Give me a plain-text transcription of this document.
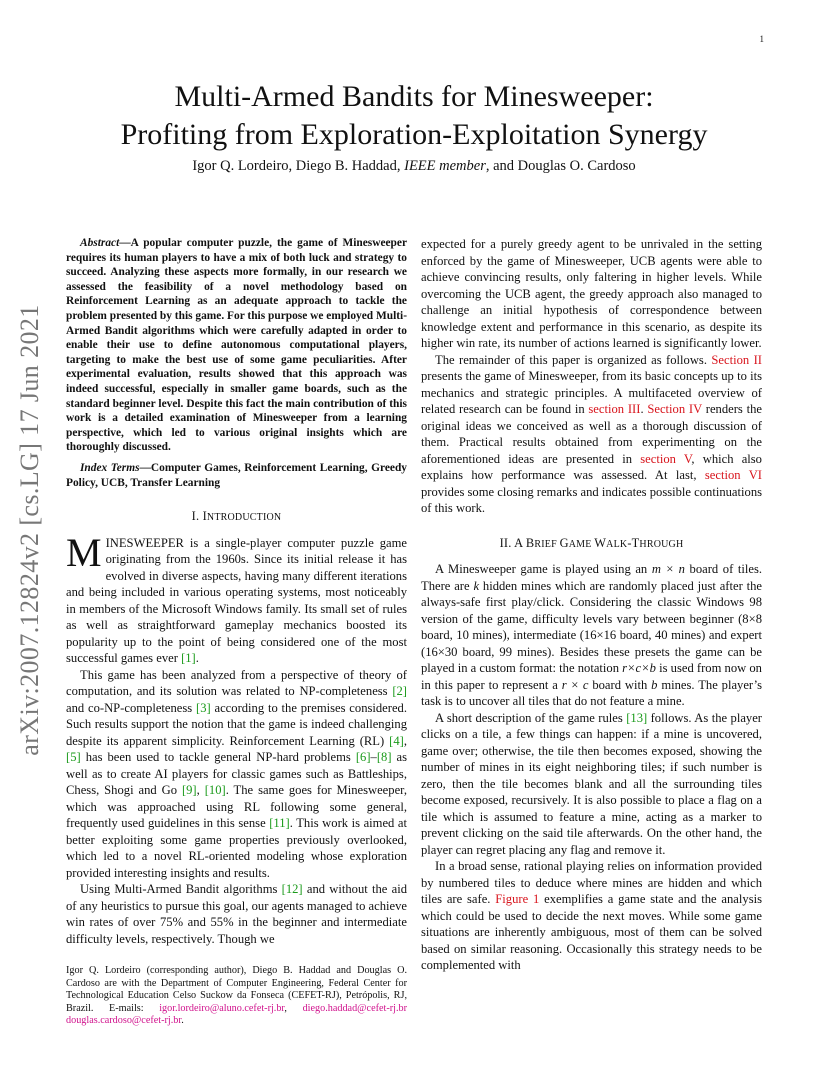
1
arXiv:2007.12824v2 [cs.LG] 17 Jun 2021
Multi-Armed Bandits for Minesweeper:
Profiting from Exploration-Exploitation Synergy
Igor Q. Lordeiro, Diego B. Haddad, IEEE member, and Douglas O. Cardoso

Abstract—A popular computer puzzle, the game of Minesweeper requires its human players to have a mix of both luck and strategy to succeed. Analyzing these aspects more formally, in our research we assessed the feasibility of a novel methodology based on Reinforcement Learning as an adequate approach to tackle the problem presented by this game. For this purpose we employed Multi-Armed Bandit algorithms which were carefully adapted in order to enable their use to define autonomous computational players, targeting to make the best use of some game peculiarities. After experimental evaluation, results showed that this approach was indeed successful, especially in smaller game boards, such as the standard beginner level. Despite this fact the main contribution of this work is a detailed examination of Minesweeper from a learning perspective, which led to various original insights which are thoroughly discussed.

Index Terms—Computer Games, Reinforcement Learning, Greedy Policy, UCB, Transfer Learning

I. INTRODUCTION

MINESWEEPER is a single-player computer puzzle game originating from the 1960s. Since its initial release it has evolved in diverse aspects, having many different iterations and being included in various operating systems, most noticeably in members of the Microsoft Windows family. Its small set of rules as well as straightforward gameplay mechanics boosted its popularity up to the point of being considered one of the most successful games ever [1].

This game has been analyzed from a perspective of theory of computation, and its solution was related to NP-completeness [2] and co-NP-completeness [3] according to the premises considered. Such results support the notion that the game is indeed challenging despite its apparent simplicity. Reinforcement Learning (RL) [4], [5] has been used to tackle general NP-hard problems [6]–[8] as well as to create AI players for classic games such as Battleships, Chess, Shogi and Go [9], [10]. The same goes for Minesweeper, which was approached using RL following some general, frequently used guidelines in this sense [11]. This work is aimed at better exploiting some game properties previously overlooked, which led to a novel RL-oriented modeling whose exploration provided interesting insights and results.

Using Multi-Armed Bandit algorithms [12] and without the aid of any heuristics to pursue this goal, our agents managed to achieve win rates of over 75% and 55% in the beginner and intermediate difficulty levels, respectively. Though we

Igor Q. Lordeiro (corresponding author), Diego B. Haddad and Douglas O. Cardoso are with the Department of Computer Engineering, Federal Center for Technological Education Celso Suckow da Fonseca (CEFET-RJ), Petrópolis, RJ, Brazil. E-mails: igor.lordeiro@aluno.cefet-rj.br, diego.haddad@cefet-rj.br douglas.cardoso@cefet-rj.br.

expected for a purely greedy agent to be unrivaled in the setting enforced by the game of Minesweeper, UCB agents were able to achieve convincing results, only faltering in higher levels. While overcoming the UCB agent, the greedy approach also managed to challenge an initial hypothesis of correspondence between knowledge extent and performance in this scenario, as despite its higher win rate, its number of actions learned is significantly lower.

The remainder of this paper is organized as follows. Section II presents the game of Minesweeper, from its basic concepts up to its mechanics and strategic principles. A multifaceted overview of related research can be found in section III. Section IV renders the original ideas we conceived as well as a thorough discussion of them. Practical results obtained from experimenting on the aforementioned ideas are presented in section V, which also explains how performance was assessed. At last, section VI provides some closing remarks and indicates possible continuations of this work.

II. A BRIEF GAME WALK-THROUGH

A Minesweeper game is played using an m × n board of tiles. There are k hidden mines which are randomly placed just after the always-safe first play/click. Considering the classic Windows 98 version of the game, difficulty levels vary between beginner (8×8 board, 10 mines), intermediate (16×16 board, 40 mines) and expert (16×30 board, 99 mines). Besides these presets the game can be played in a custom format: the notation r×c×b is used from now on in this paper to represent a r × c board with b mines. The player’s task is to uncover all tiles that do not feature a mine.

A short description of the game rules [13] follows. As the player clicks on a tile, a few things can happen: if a mine is uncovered, game over; otherwise, the tile then becomes exposed, showing the number of mines in its eight neighboring tiles; if such number is zero, then the tile becomes blank and all the surrounding tiles become exposed, recursively. It is also possible to place a flag on a tile which is assumed to feature a mine, acting as a marker to prevent clicking on the said tile afterwards. On the other hand, the player can regret placing any flag and remove it.

In a broad sense, rational playing relies on information provided by numbered tiles to deduce where mines are hidden and which tiles are safe. Figure 1 exemplifies a game state and the analysis which could be used to decide the next moves. While some game situations are inherently ambiguous, most of them can be solved based on similar reasoning. Occasionally this strategy needs to be complemented with
